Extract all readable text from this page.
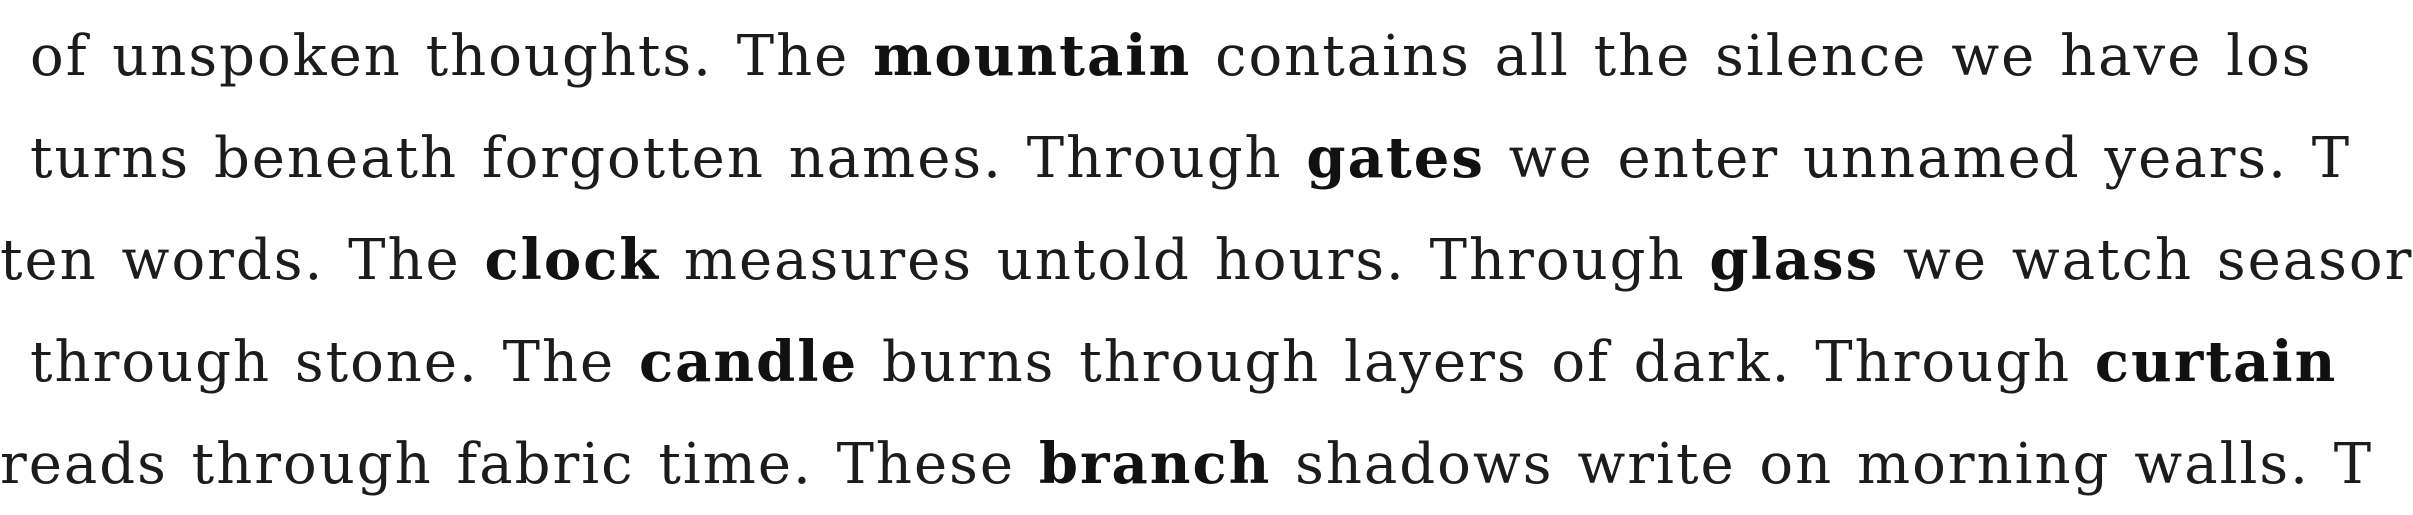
of unspoken thoughts. The mountain contains all the silence we have los
turns beneath forgotten names. Through gates we enter unnamed years. T
ten words. The clock measures untold hours. Through glass we watch seasor
through stone. The candle burns through layers of dark. Through curtain
reads through fabric time. These branch shadows write on morning walls. T
